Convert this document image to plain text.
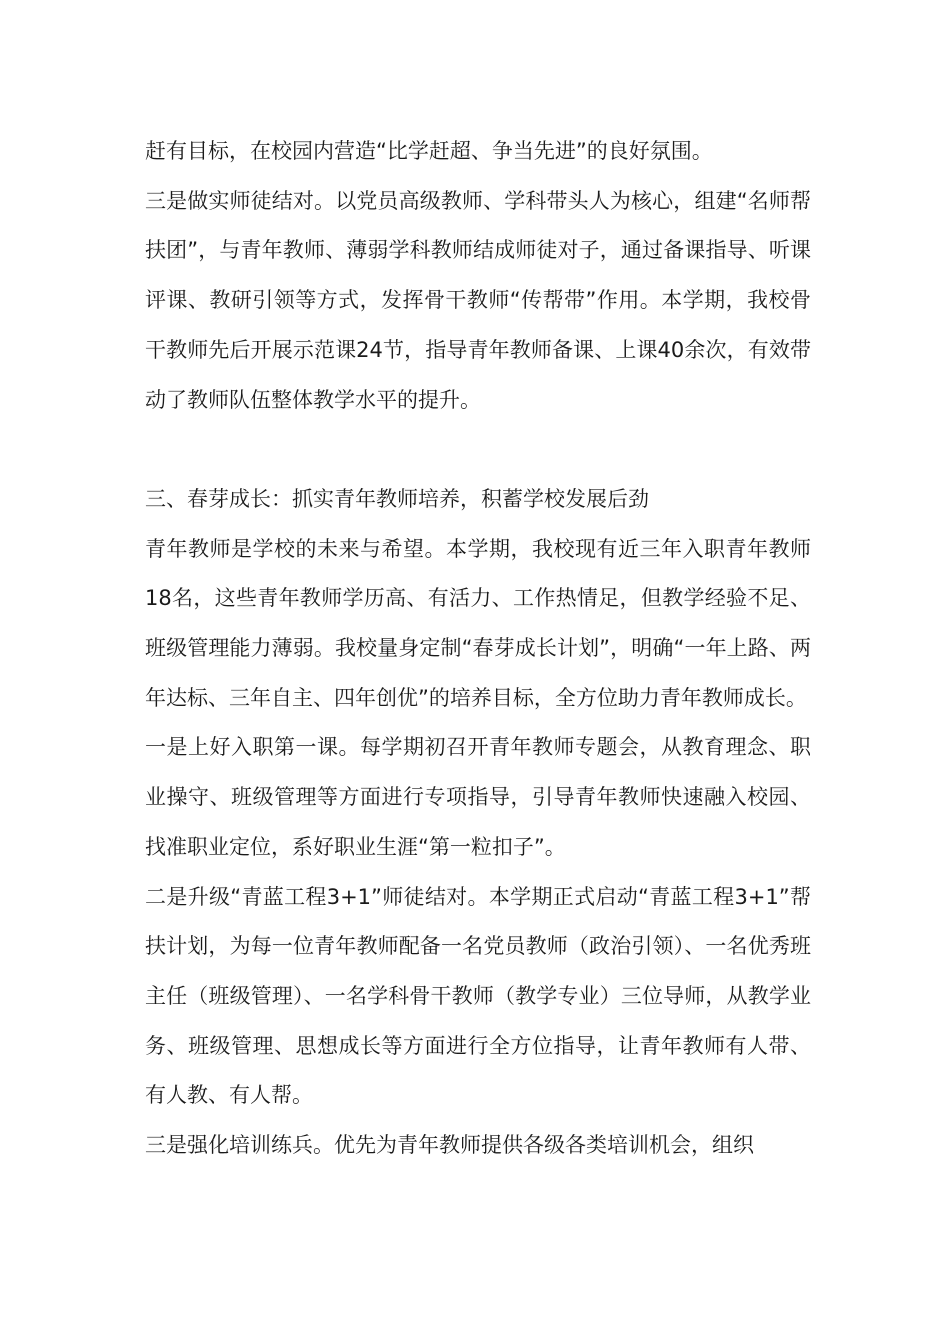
赶有目标，在校园内营造“比学赶超、争当先进”的良好氛围。

三是做实师徒结对。以党员高级教师、学科带头人为核心，组建“名师帮扶团”，与青年教师、薄弱学科教师结成师徒对子，通过备课指导、听课评课、教研引领等方式，发挥骨干教师“传帮带”作用。本学期，我校骨干教师先后开展示范课24节，指导青年教师备课、上课40余次，有效带动了教师队伍整体教学水平的提升。

三、春芽成长：抓实青年教师培养，积蓄学校发展后劲

青年教师是学校的未来与希望。本学期，我校现有近三年入职青年教师18名，这些青年教师学历高、有活力、工作热情足，但教学经验不足、班级管理能力薄弱。我校量身定制“春芽成长计划”，明确“一年上路、两年达标、三年自主、四年创优”的培养目标，全方位助力青年教师成长。

一是上好入职第一课。每学期初召开青年教师专题会，从教育理念、职业操守、班级管理等方面进行专项指导，引导青年教师快速融入校园、找准职业定位，系好职业生涯“第一粒扣子”。

二是升级“青蓝工程3+1”师徒结对。本学期正式启动“青蓝工程3+1”帮扶计划，为每一位青年教师配备一名党员教师（政治引领）、一名优秀班主任（班级管理）、一名学科骨干教师（教学专业）三位导师，从教学业务、班级管理、思想成长等方面进行全方位指导，让青年教师有人带、有人教、有人帮。

三是强化培训练兵。优先为青年教师提供各级各类培训机会，组织
